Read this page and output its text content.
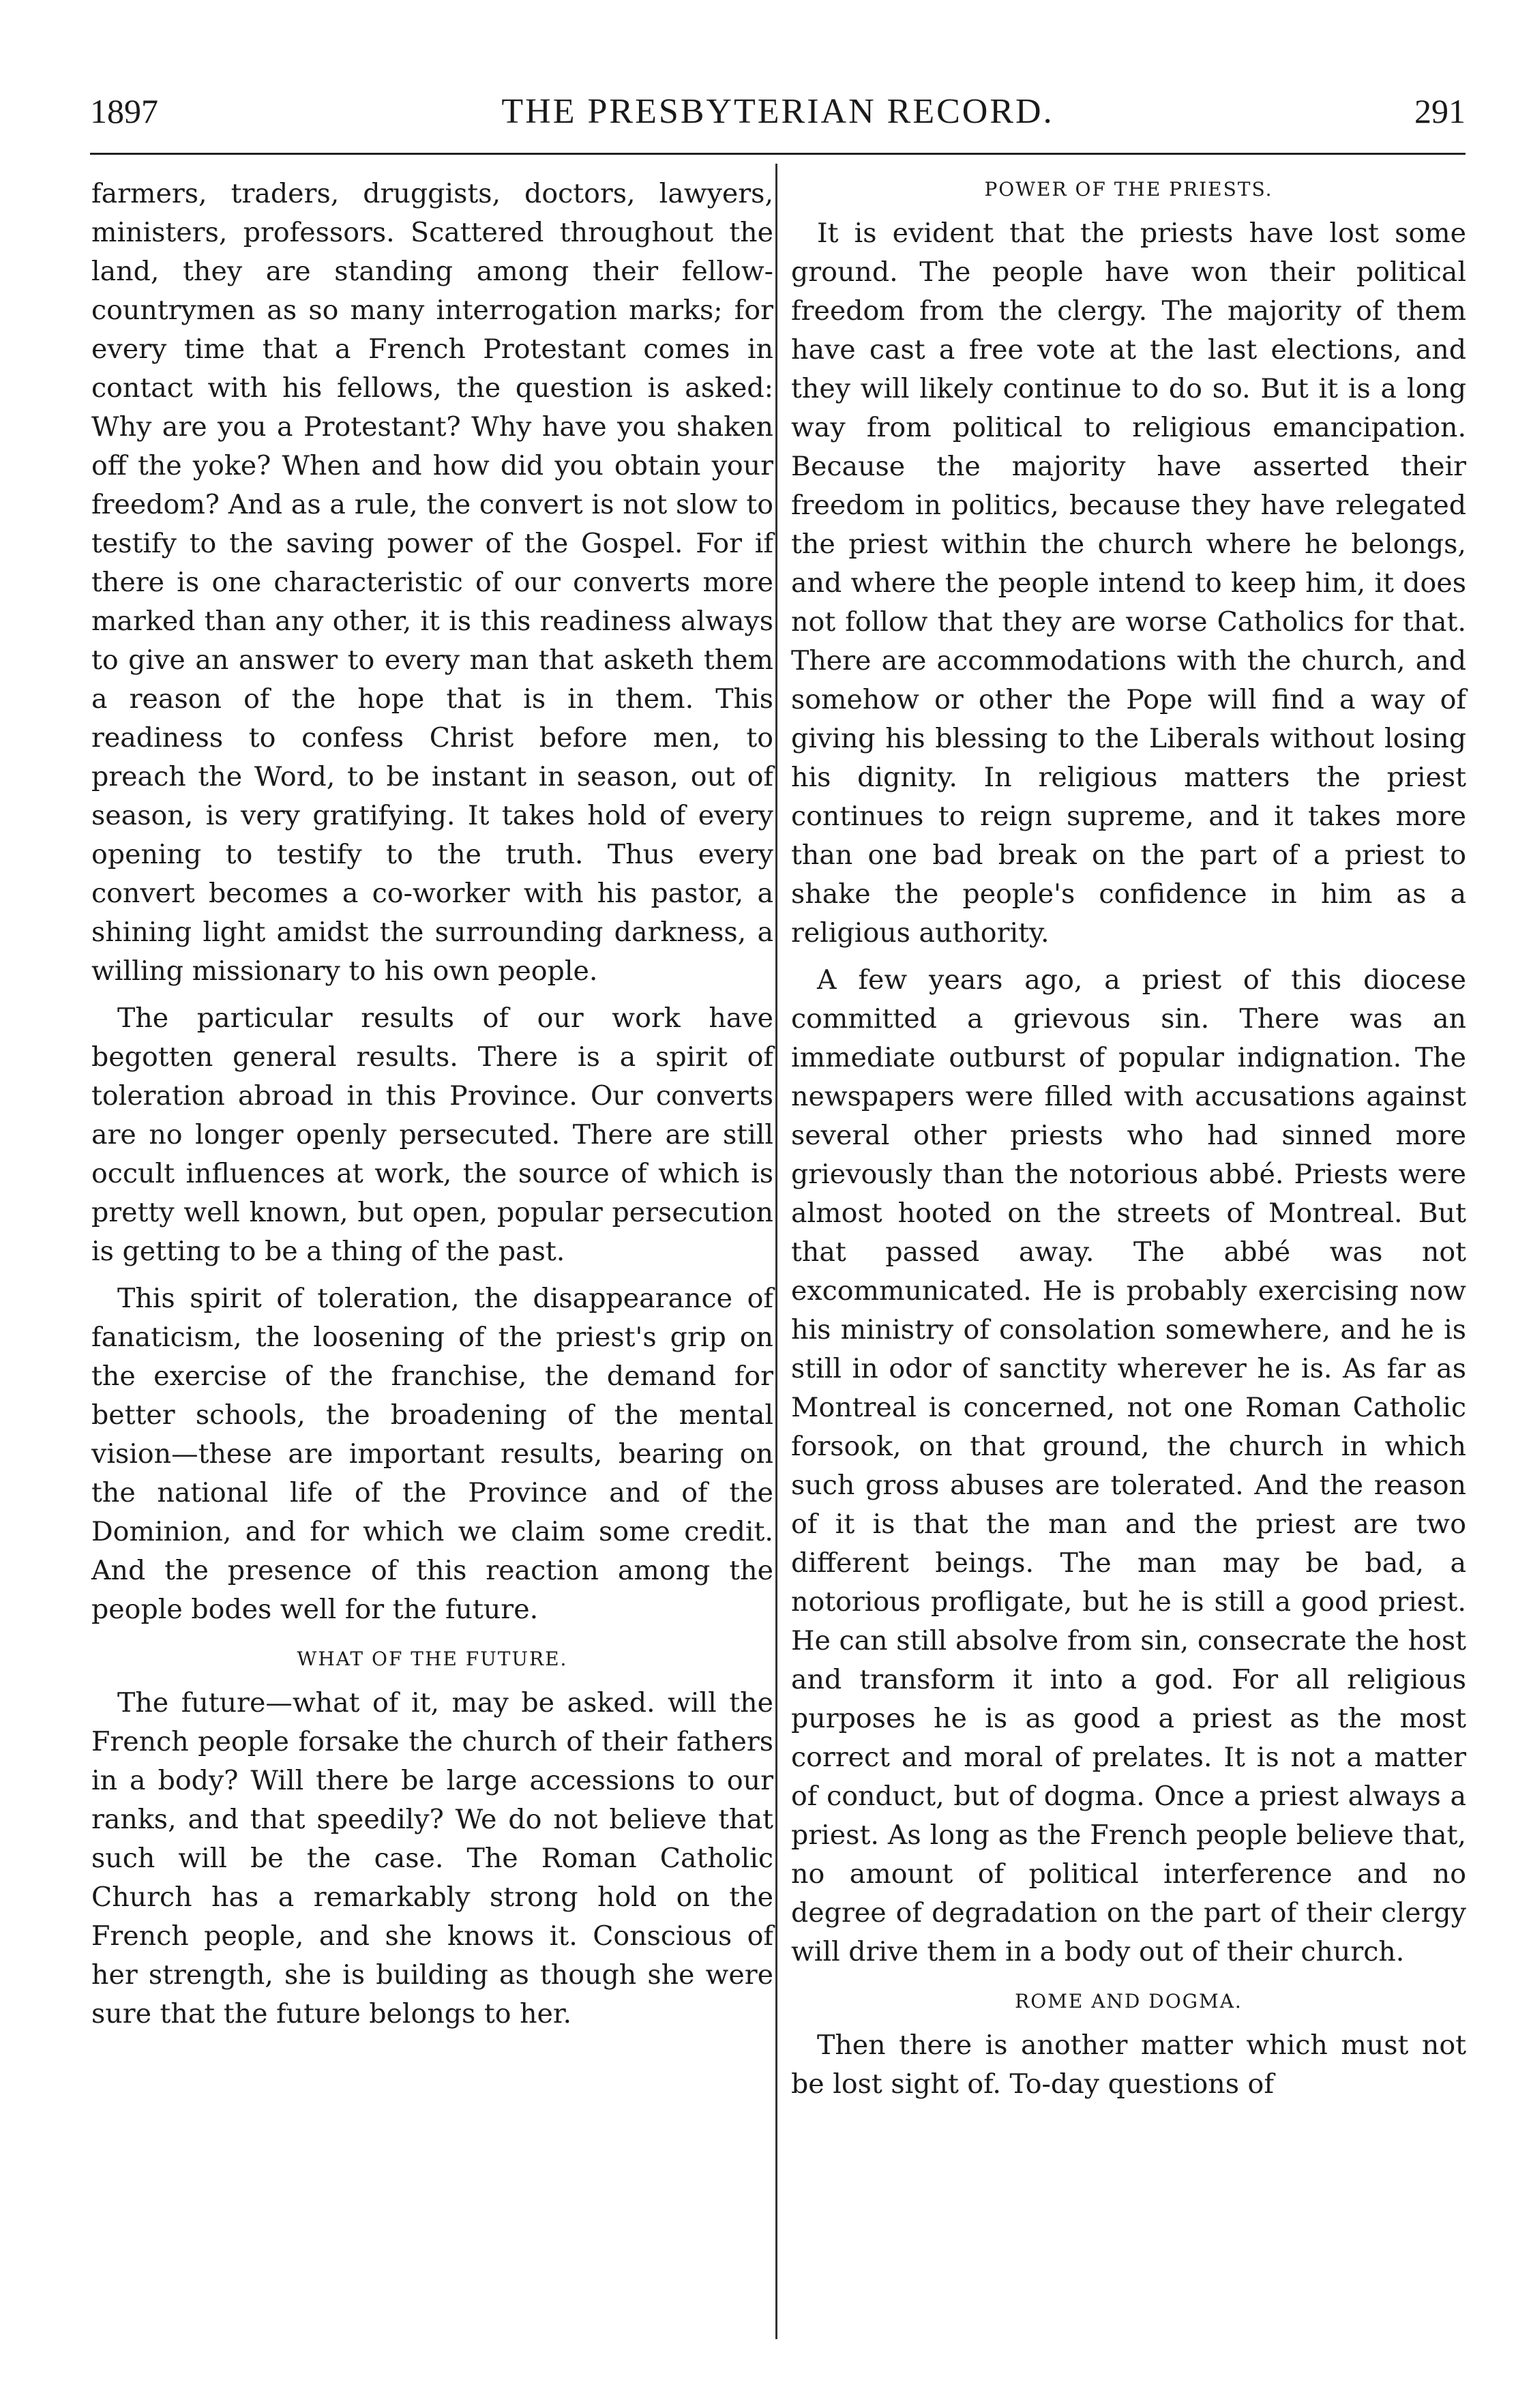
1897	THE PRESBYTERIAN RECORD.	291

farmers, traders, druggists, doctors, lawyers, ministers, professors. Scattered throughout the land, they are standing among their fellow-countrymen as so many interrogation marks; for every time that a French Protestant comes in contact with his fellows, the question is asked: Why are you a Protestant? Why have you shaken off the yoke? When and how did you obtain your freedom? And as a rule, the convert is not slow to testify to the saving power of the Gospel. For if there is one characteristic of our converts more marked than any other, it is this readiness always to give an answer to every man that asketh them a reason of the hope that is in them. This readiness to confess Christ before men, to preach the Word, to be instant in season, out of season, is very gratifying. It takes hold of every opening to testify to the truth. Thus every convert becomes a co-worker with his pastor, a shining light amidst the surrounding darkness, a willing missionary to his own people.

The particular results of our work have begotten general results. There is a spirit of toleration abroad in this Province. Our converts are no longer openly persecuted. There are still occult influences at work, the source of which is pretty well known, but open, popular persecution is getting to be a thing of the past.

This spirit of toleration, the disappearance of fanaticism, the loosening of the priest's grip on the exercise of the franchise, the demand for better schools, the broadening of the mental vision—these are important results, bearing on the national life of the Province and of the Dominion, and for which we claim some credit. And the presence of this reaction among the people bodes well for the future.

WHAT OF THE FUTURE.

The future—what of it, may be asked. will the French people forsake the church of their fathers in a body? Will there be large accessions to our ranks, and that speedily? We do not believe that such will be the case. The Roman Catholic Church has a remarkably strong hold on the French people, and she knows it. Conscious of her strength, she is building as though she were sure that the future belongs to her.

POWER OF THE PRIESTS.

It is evident that the priests have lost some ground. The people have won their political freedom from the clergy. The majority of them have cast a free vote at the last elections, and they will likely continue to do so. But it is a long way from political to religious emancipation. Because the majority have asserted their freedom in politics, because they have relegated the priest within the church where he belongs, and where the people intend to keep him, it does not follow that they are worse Catholics for that. There are accommodations with the church, and somehow or other the Pope will find a way of giving his blessing to the Liberals without losing his dignity. In religious matters the priest continues to reign supreme, and it takes more than one bad break on the part of a priest to shake the people's confidence in him as a religious authority.

A few years ago, a priest of this diocese committed a grievous sin. There was an immediate outburst of popular indignation. The newspapers were filled with accusations against several other priests who had sinned more grievously than the notorious abbé. Priests were almost hooted on the streets of Montreal. But that passed away. The abbé was not excommunicated. He is probably exercising now his ministry of consolation somewhere, and he is still in odor of sanctity wherever he is. As far as Montreal is concerned, not one Roman Catholic forsook, on that ground, the church in which such gross abuses are tolerated. And the reason of it is that the man and the priest are two different beings. The man may be bad, a notorious profligate, but he is still a good priest. He can still absolve from sin, consecrate the host and transform it into a god. For all religious purposes he is as good a priest as the most correct and moral of prelates. It is not a matter of conduct, but of dogma. Once a priest always a priest. As long as the French people believe that, no amount of political interference and no degree of degradation on the part of their clergy will drive them in a body out of their church.

ROME AND DOGMA.

Then there is another matter which must not be lost sight of. To-day questions of
